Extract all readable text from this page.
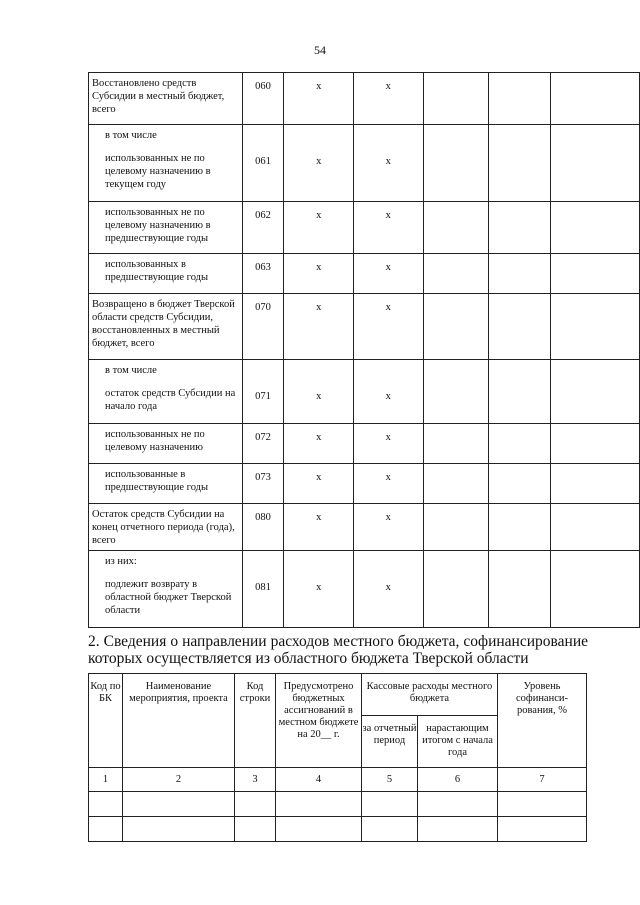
54
Восстановлено средств Субсидии в местный бюджет, всего	060	x	x			

в том числе
использованных не по целевому назначению в текущем году	061	x	x			

использованных не по целевому назначению в предшествующие годы	062	x	x			

использованных в предшествующие годы	063	x	x			

Возвращено в бюджет Тверской области средств Субсидии, восстановленных в местный бюджет, всего	070	x	x			

в том числе
остаток средств Субсидии на начало года	071	x	x			

использованных не по целевому назначению	072	x	x			

использованные в предшествующие годы	073	x	x			

Остаток средств Субсидии на конец отчетного периода (года), всего	080	x	x			

из них:
подлежит возврату в областной бюджет Тверской области	081	x	x			
2. Сведения о направлении расходов местного бюджета, софинансирование которых осуществляется из областного бюджета Тверской области
Код по БК	Наименование мероприятия, проекта	Код строки	Предусмотрено бюджетных ассигнований в местном бюджете на 20__ г.	Кассовые расходы местного бюджета		Уровень софинанси-рования, %
				за отчетный период	нарастающим итогом с начала года	
1	2	3	4	5	6	7
